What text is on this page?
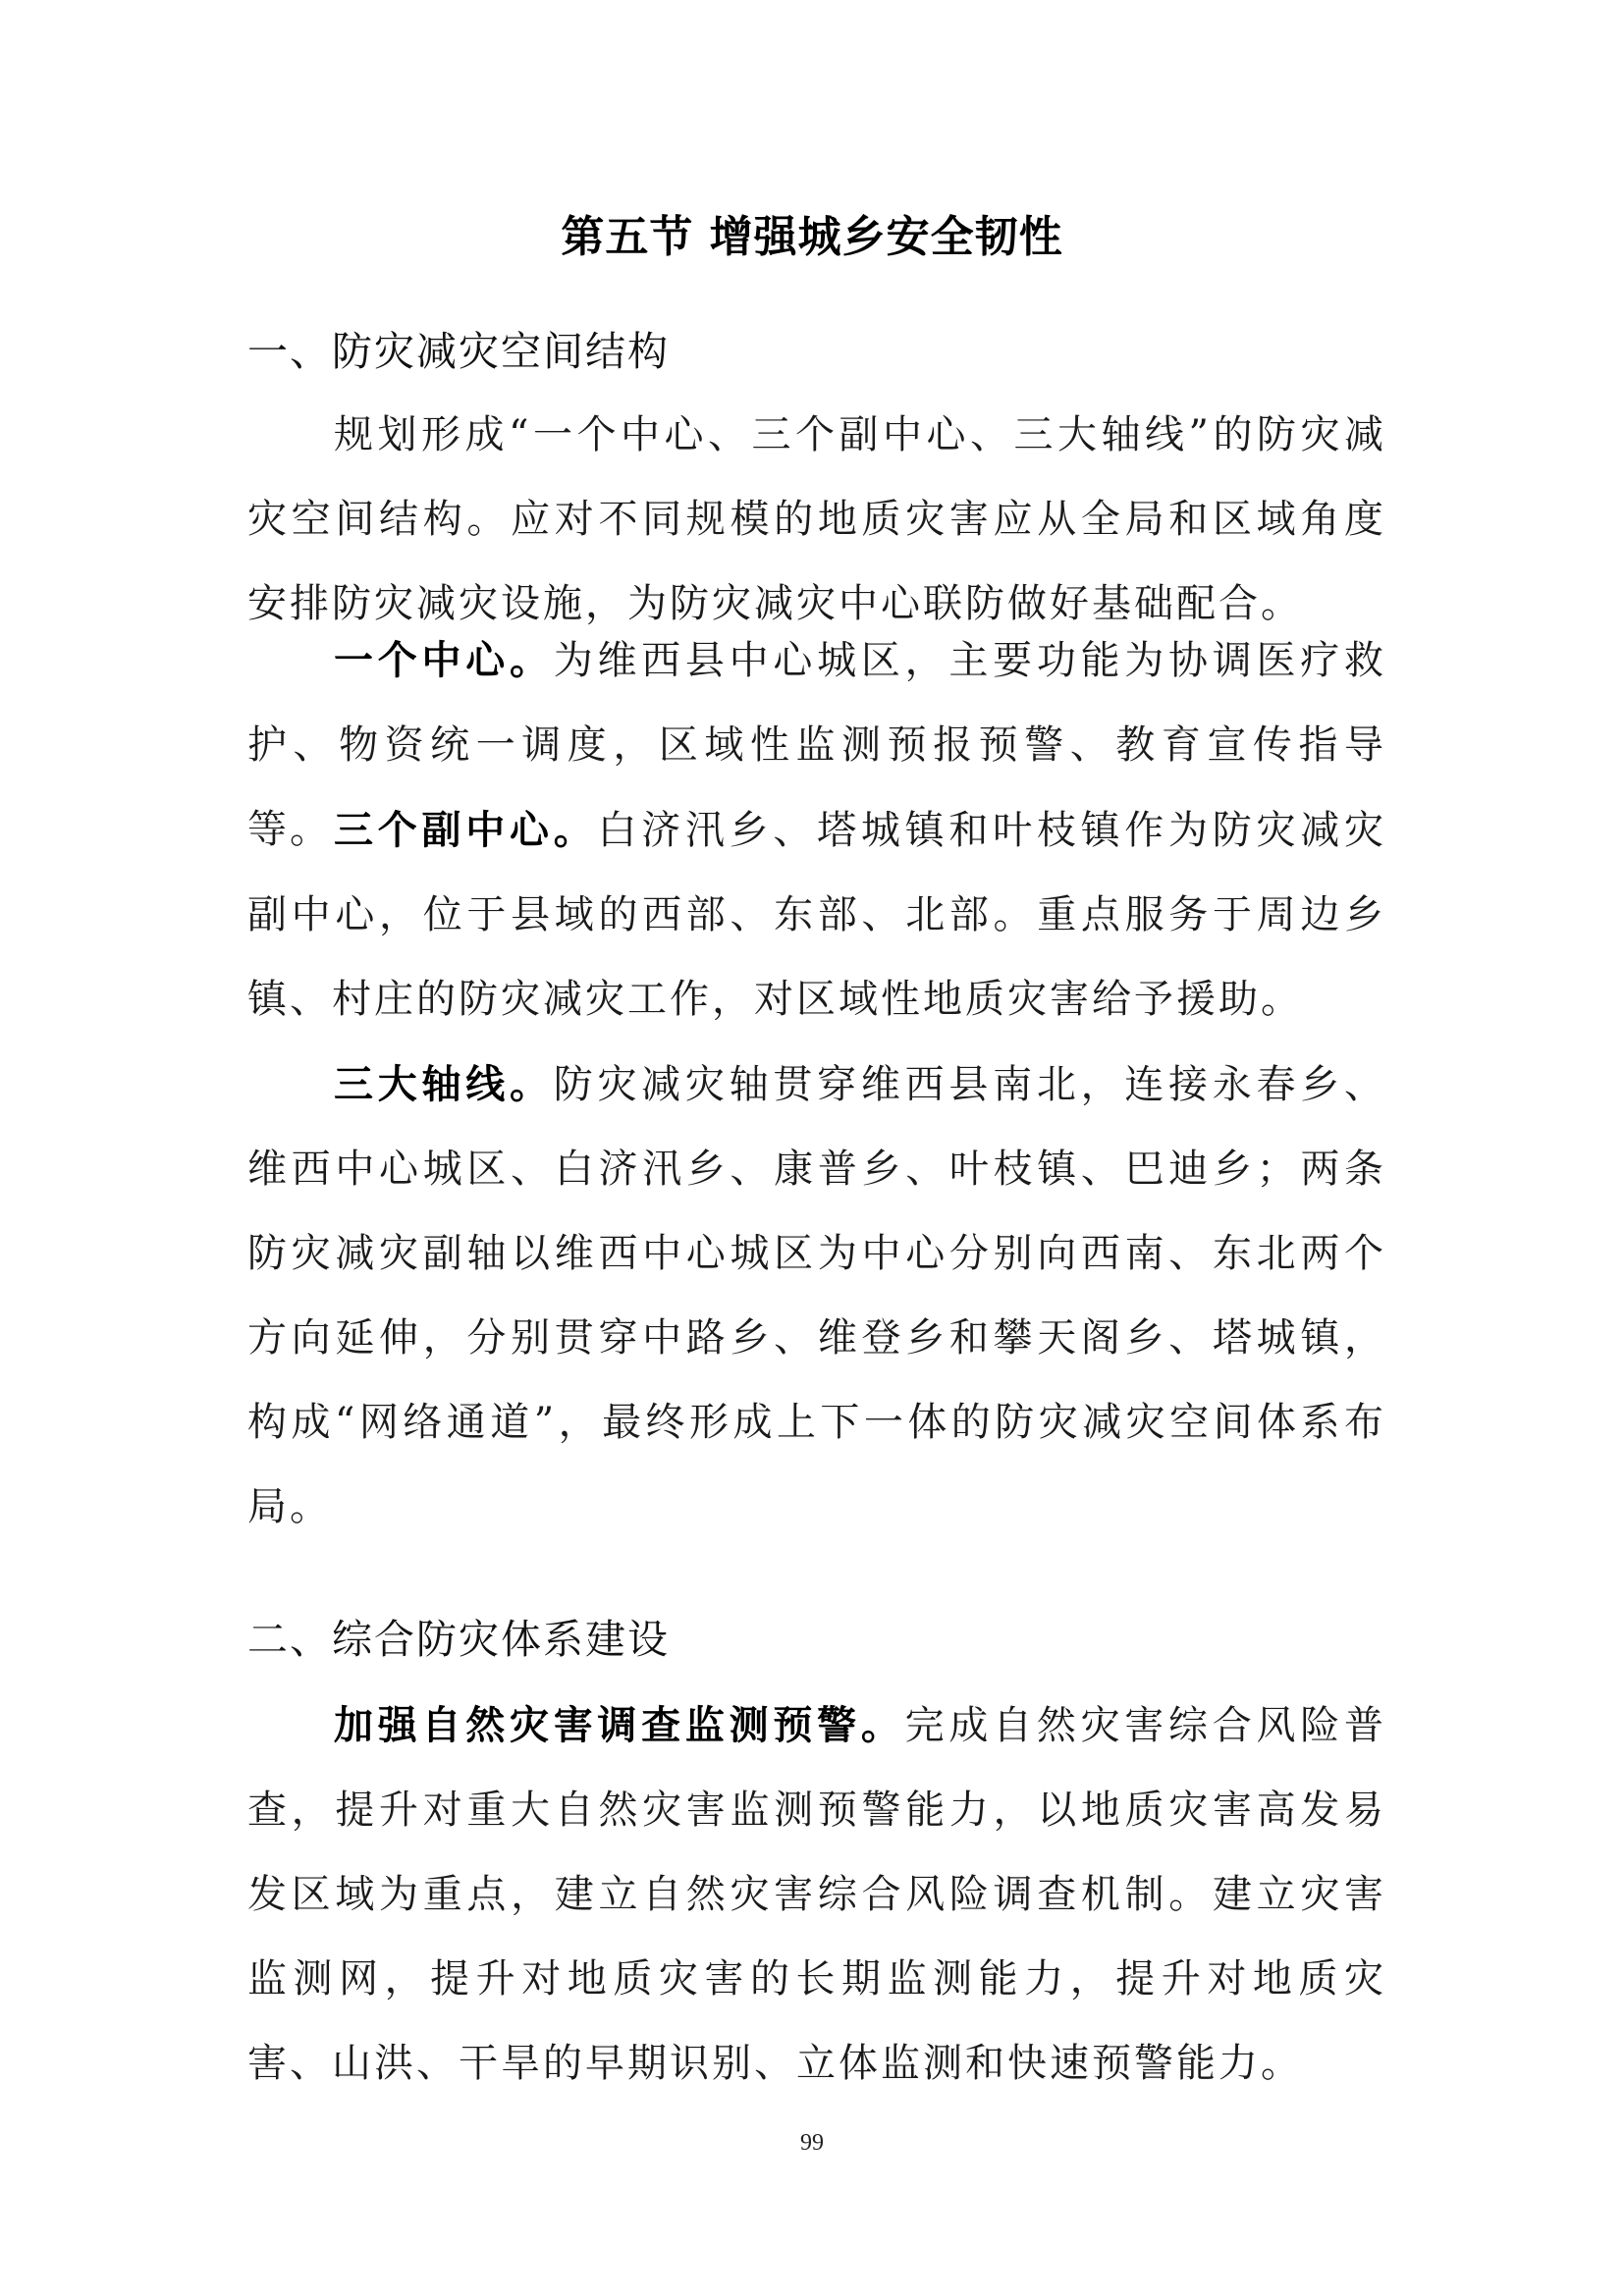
第五节 增强城乡安全韧性
一、防灾减灾空间结构

规划形成“一个中心、三个副中心、三大轴线”的防灾减灾空间结构。应对不同规模的地质灾害应从全局和区域角度安排防灾减灾设施，为防灾减灾中心联防做好基础配合。

一个中心。为维西县中心城区，主要功能为协调医疗救护、物资统一调度，区域性监测预报预警、教育宣传指导等。 三个副中心。白济汛乡、塔城镇和叶枝镇作为防灾减灾副中心，位于县域的西部、东部、北部。重点服务于周边乡镇、村庄的防灾减灾工作，对区域性地质灾害给予援助。

三大轴线。防灾减灾轴贯穿维西县南北，连接永春乡、维西中心城区、白济汛乡、康普乡、叶枝镇、巴迪乡；两条防灾减灾副轴以维西中心城区为中心分别向西南、东北两个方向延伸，分别贯穿中路乡、维登乡和攀天阁乡、塔城镇，构成“网络通道”，最终形成上下一体的防灾减灾空间体系布局。

二、综合防灾体系建设

加强自然灾害调查监测预警。完成自然灾害综合风险普查，提升对重大自然灾害监测预警能力，以地质灾害高发易发区域为重点，建立自然灾害综合风险调查机制。建立灾害监测网，提升对地质灾害的长期监测能力，提升对地质灾害、山洪、干旱的早期识别、立体监测和快速预警能力。

99
